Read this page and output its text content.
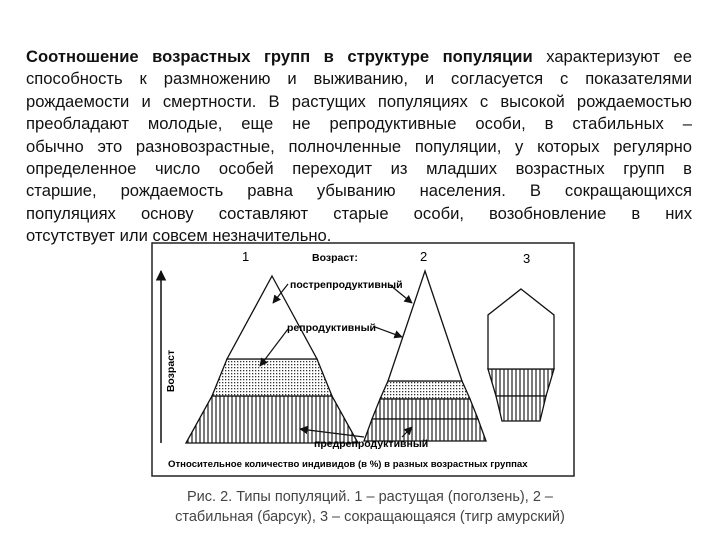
Соотношение возрастных групп в структуре популяции характеризуют ее
способность к размножению и выживанию, и согласуется с показателями
рождаемости и смертности. В растущих популяциях с высокой рождаемостью
преобладают молодые, еще не репродуктивные особи, в стабильных –
обычно это разновозрастные, полночленные популяции, у которых регулярно
определенное число особей переходит из младших возрастных групп в
старшие, рождаемость равна убыванию населения. В сокращающихся
популяциях основу составляют старые особи, возобновление в них
отсутствует или совсем незначительно.
Возраст
1	2	3
Возраст:
пострепродуктивный
репродуктивный
предрепродуктивный
Относительное количество индивидов (в %) в разных возрастных группах
Рис. 2. Типы популяций. 1 – растущая (поголзень), 2 –
стабильная (барсук), 3 – сокращающаяся (тигр амурский)
